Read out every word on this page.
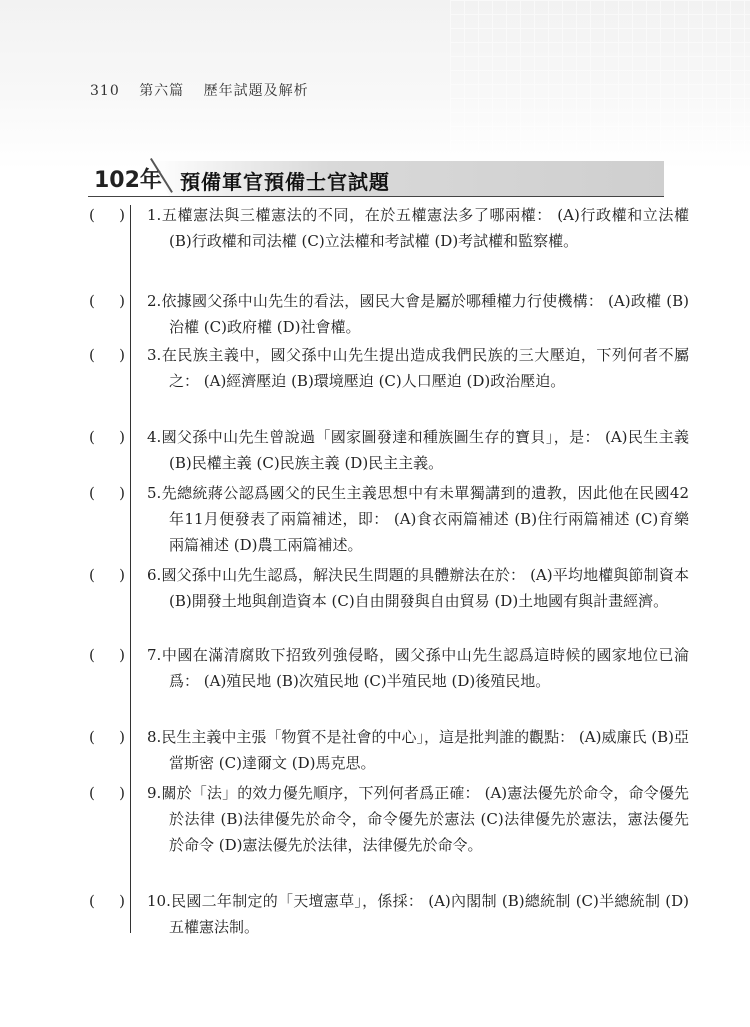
310 第六篇 歷年試題及解析
102年 預備軍官預備士官試題
( ) 1.五權憲法與三權憲法的不同，在於五權憲法多了哪兩權： (A)行政權和立法權 (B)行政權和司法權 (C)立法權和考試權 (D)考試權和監察權。
( ) 2.依據國父孫中山先生的看法，國民大會是屬於哪種權力行使機構： (A)政權 (B)治權 (C)政府權 (D)社會權。
( ) 3.在民族主義中，國父孫中山先生提出造成我們民族的三大壓迫，下列何者不屬之： (A)經濟壓迫 (B)環境壓迫 (C)人口壓迫 (D)政治壓迫。
( ) 4.國父孫中山先生曾說過「國家圖發達和種族圖生存的寶貝」，是： (A)民生主義 (B)民權主義 (C)民族主義 (D)民主主義。
( ) 5.先總統蔣公認爲國父的民生主義思想中有未單獨講到的遺教，因此他在民國42年11月便發表了兩篇補述，即： (A)食衣兩篇補述 (B)住行兩篇補述 (C)育樂兩篇補述 (D)農工兩篇補述。
( ) 6.國父孫中山先生認爲，解決民生問題的具體辦法在於： (A)平均地權與節制資本 (B)開發土地與創造資本 (C)自由開發與自由貿易 (D)土地國有與計畫經濟。
( ) 7.中國在滿清腐敗下招致列強侵略，國父孫中山先生認爲這時候的國家地位已淪爲： (A)殖民地 (B)次殖民地 (C)半殖民地 (D)後殖民地。
( ) 8.民生主義中主張「物質不是社會的中心」，這是批判誰的觀點： (A)威廉氏 (B)亞當斯密 (C)達爾文 (D)馬克思。
( ) 9.關於「法」的效力優先順序，下列何者爲正確： (A)憲法優先於命令，命令優先於法律 (B)法律優先於命令，命令優先於憲法 (C)法律優先於憲法，憲法優先於命令 (D)憲法優先於法律，法律優先於命令。
( ) 10.民國二年制定的「天壇憲草」，係採： (A)內閣制 (B)總統制 (C)半總統制 (D)五權憲法制。
